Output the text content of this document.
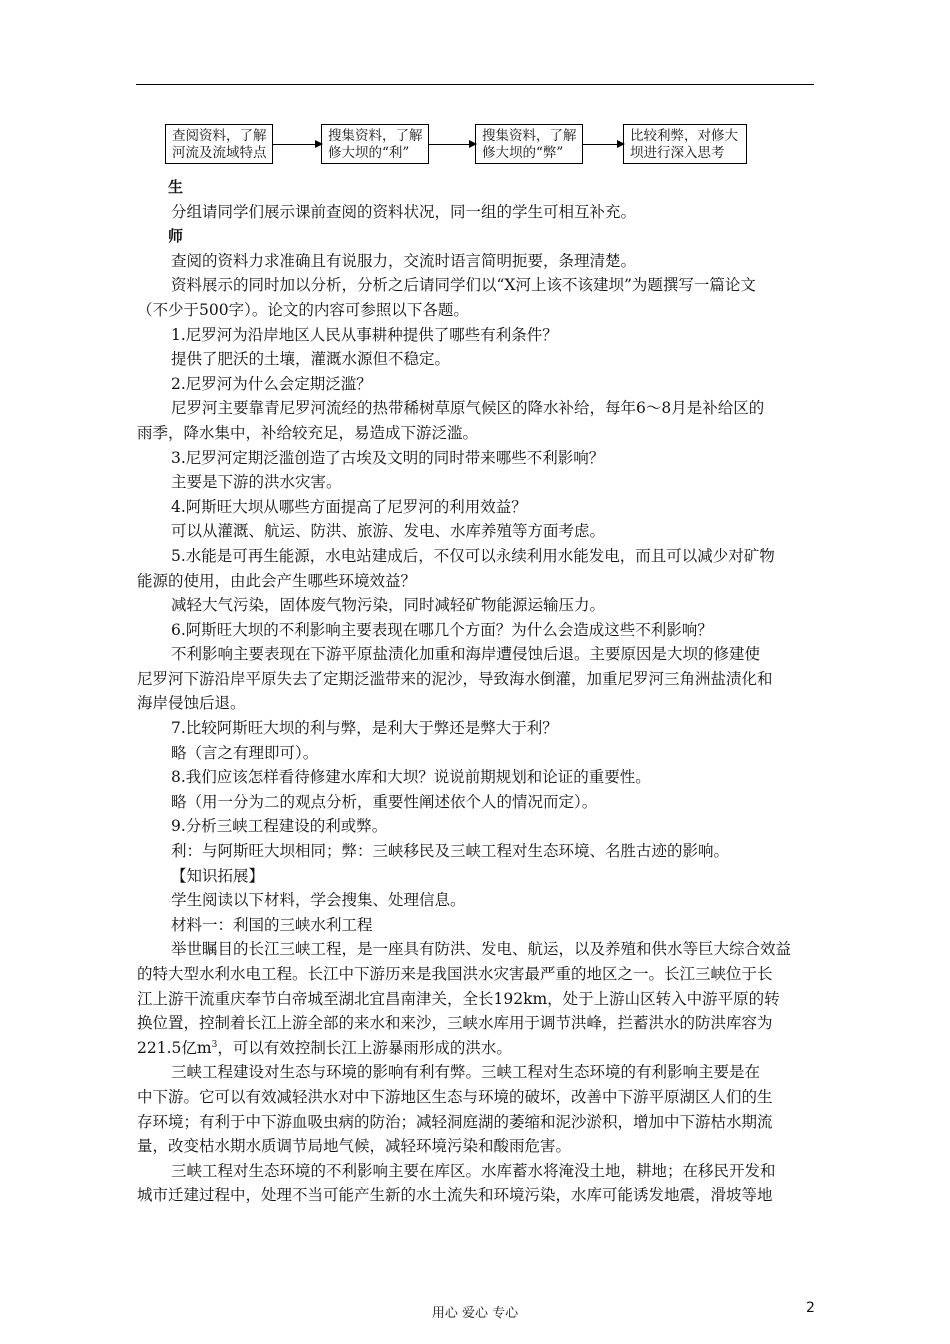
查阅资料，了解
河流及流域特点
搜集资料，了解
修大坝的“利”
搜集资料，了解
修大坝的“弊”
比较利弊，对修大
坝进行深入思考

生

分组请同学们展示课前查阅的资料状况，同一组的学生可相互补充。

师

查阅的资料力求准确且有说服力，交流时语言简明扼要，条理清楚。

资料展示的同时加以分析，分析之后请同学们以“X河上该不该建坝”为题撰写一篇论文

（不少于500字）。论文的内容可参照以下各题。

1.尼罗河为沿岸地区人民从事耕种提供了哪些有利条件？

提供了肥沃的土壤，灌溉水源但不稳定。

2.尼罗河为什么会定期泛滥？

尼罗河主要靠青尼罗河流经的热带稀树草原气候区的降水补给，每年6～8月是补给区的

雨季，降水集中，补给较充足，易造成下游泛滥。

3.尼罗河定期泛滥创造了古埃及文明的同时带来哪些不利影响？

主要是下游的洪水灾害。

4.阿斯旺大坝从哪些方面提高了尼罗河的利用效益？

可以从灌溉、航运、防洪、旅游、发电、水库养殖等方面考虑。

5.水能是可再生能源，水电站建成后，不仅可以永续利用水能发电，而且可以减少对矿物

能源的使用，由此会产生哪些环境效益？

减轻大气污染，固体废气物污染，同时减轻矿物能源运输压力。

6.阿斯旺大坝的不利影响主要表现在哪几个方面？为什么会造成这些不利影响？

不利影响主要表现在下游平原盐渍化加重和海岸遭侵蚀后退。主要原因是大坝的修建使

尼罗河下游沿岸平原失去了定期泛滥带来的泥沙，导致海水倒灌，加重尼罗河三角洲盐渍化和

海岸侵蚀后退。

7.比较阿斯旺大坝的利与弊，是利大于弊还是弊大于利？

略（言之有理即可）。

8.我们应该怎样看待修建水库和大坝？说说前期规划和论证的重要性。

略（用一分为二的观点分析，重要性阐述依个人的情况而定）。

9.分析三峡工程建设的利或弊。

利：与阿斯旺大坝相同；弊：三峡移民及三峡工程对生态环境、名胜古迹的影响。

【知识拓展】

学生阅读以下材料，学会搜集、处理信息。

材料一：利国的三峡水利工程

举世瞩目的长江三峡工程，是一座具有防洪、发电、航运，以及养殖和供水等巨大综合效益

的特大型水利水电工程。长江中下游历来是我国洪水灾害最严重的地区之一。长江三峡位于长

江上游干流重庆奉节白帝城至湖北宜昌南津关，全长192km，处于上游山区转入中游平原的转

换位置，控制着长江上游全部的来水和来沙，三峡水库用于调节洪峰，拦蓄洪水的防洪库容为

221.5亿$m^3$，可以有效控制长江上游暴雨形成的洪水。

三峡工程建设对生态与环境的影响有利有弊。三峡工程对生态环境的有利影响主要是在

中下游。它可以有效减轻洪水对中下游地区生态与环境的破坏，改善中下游平原湖区人们的生

存环境；有利于中下游血吸虫病的防治；减轻洞庭湖的萎缩和泥沙淤积，增加中下游枯水期流

量，改变枯水期水质调节局地气候，减轻环境污染和酸雨危害。

三峡工程对生态环境的不利影响主要在库区。水库蓄水将淹没土地，耕地；在移民开发和

城市迁建过程中，处理不当可能产生新的水土流失和环境污染，水库可能诱发地震，滑坡等地

用心 爱心 专心	2
